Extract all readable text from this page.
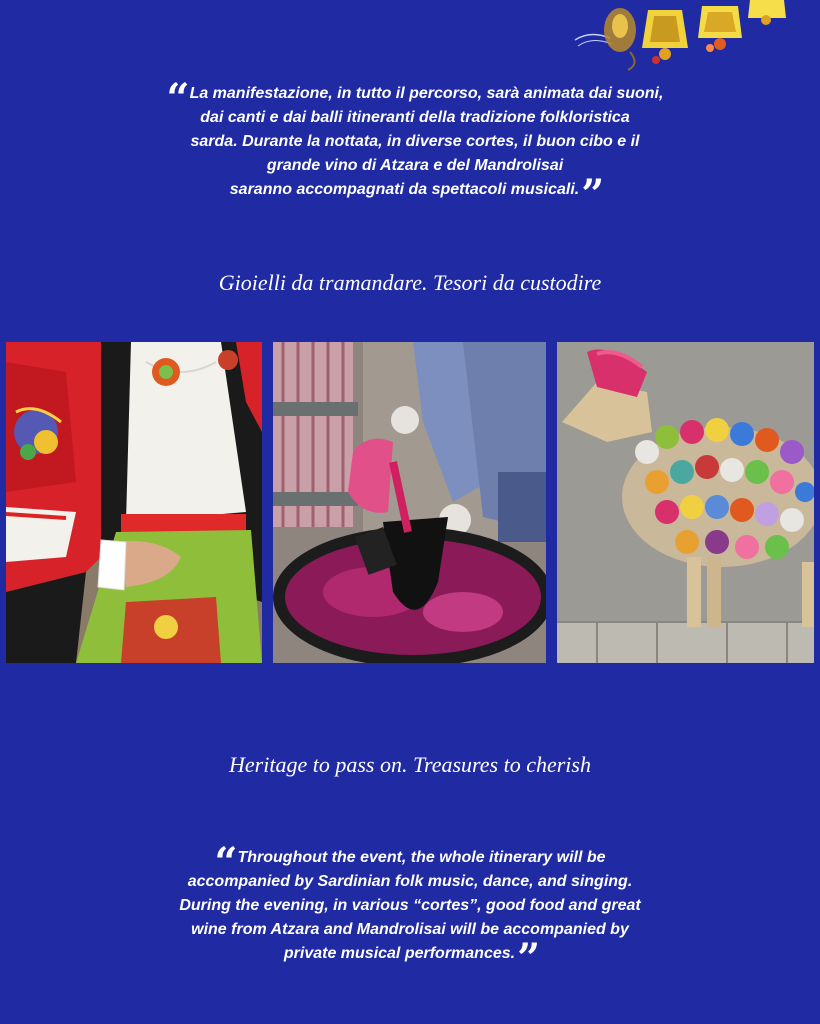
“ La manifestazione, in tutto il percorso, sarà animata dai suoni,
dai canti e dai balli itineranti della tradizione folkloristica
sarda. Durante la nottata, in diverse cortes, il buon cibo e il
grande vino di Atzara e del Mandrolisai
saranno accompagnati da spettacoli musicali.”
Gioielli da tramandare. Tesori da custodire
Heritage to pass on. Treasures to cherish
“ Throughout the event, the whole itinerary will be
accompanied by Sardinian folk music, dance, and singing.
During the evening, in various “cortes”, good food and great
wine from Atzara and Mandrolisai will be accompanied by
private musical performances.”
